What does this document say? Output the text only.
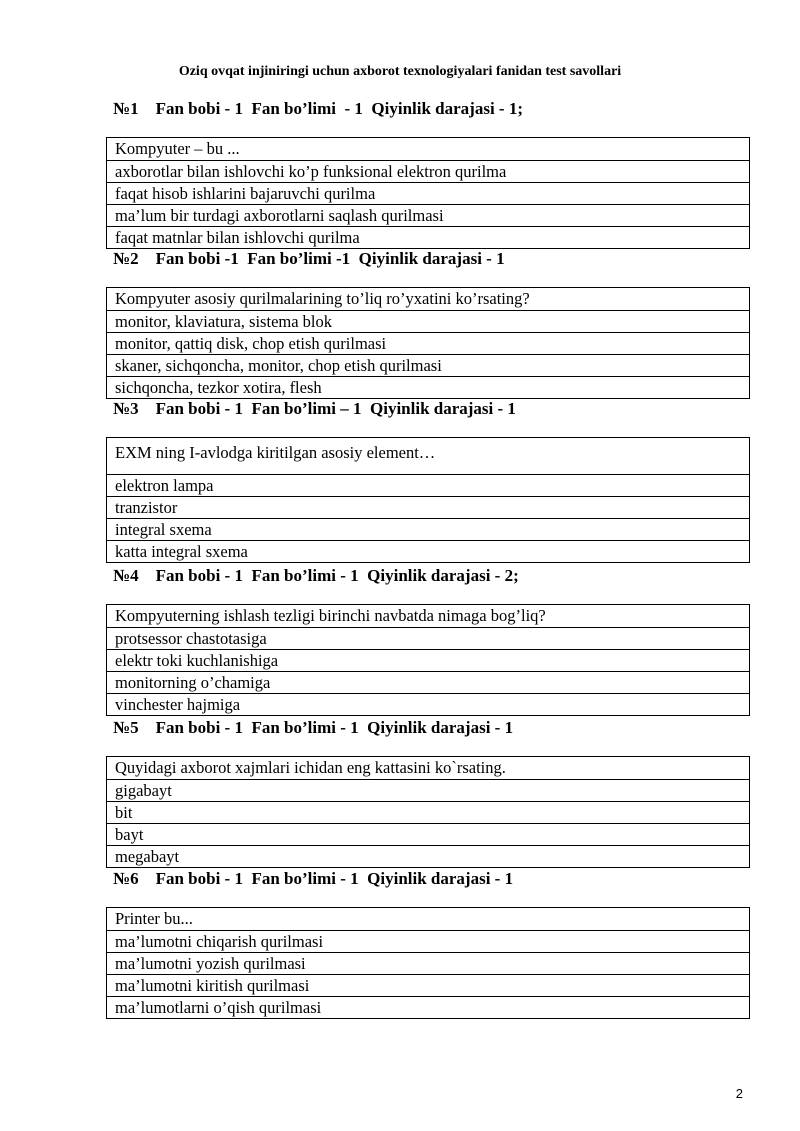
Oziq ovqat injiniringi uchun axborot texnologiyalari fanidan test savollari
№1    Fan bobi - 1  Fan bo’limi  - 1  Qiyinlik darajasi - 1;
Kompyuter – bu ...
axborotlar bilan ishlovchi ko’p funksional elektron qurilma
faqat hisob ishlarini bajaruvchi qurilma
ma’lum bir turdagi axborotlarni saqlash qurilmasi
faqat matnlar bilan ishlovchi qurilma
№2    Fan bobi -1  Fan bo’limi -1  Qiyinlik darajasi - 1
Kompyuter asosiy qurilmalarining to’liq ro’yxatini ko’rsating?
monitor, klaviatura, sistema blok
monitor, qattiq disk, chop etish qurilmasi
skaner, sichqoncha, monitor, chop etish qurilmasi
sichqoncha, tezkor xotira, flesh
№3    Fan bobi - 1  Fan bo’limi – 1  Qiyinlik darajasi - 1
EXM ning I-avlodga kiritilgan asosiy element…
elektron lampa
tranzistor
integral sxema
katta integral sxema
№4    Fan bobi - 1  Fan bo’limi - 1  Qiyinlik darajasi - 2;
Kompyuterning ishlash tezligi birinchi navbatda nimaga bog’liq?
protsessor chastotasiga
elektr toki kuchlanishiga
monitorning o’chamiga
vinchester hajmiga
№5    Fan bobi - 1  Fan bo’limi - 1  Qiyinlik darajasi - 1
Quyidagi axborot xajmlari ichidan eng kattasini ko`rsating.
gigabayt
bit
bayt
megabayt
№6    Fan bobi - 1  Fan bo’limi - 1  Qiyinlik darajasi - 1
Printer bu...
ma’lumotni chiqarish qurilmasi
ma’lumotni yozish qurilmasi
ma’lumotni kiritish qurilmasi
ma’lumotlarni o’qish qurilmasi
2
